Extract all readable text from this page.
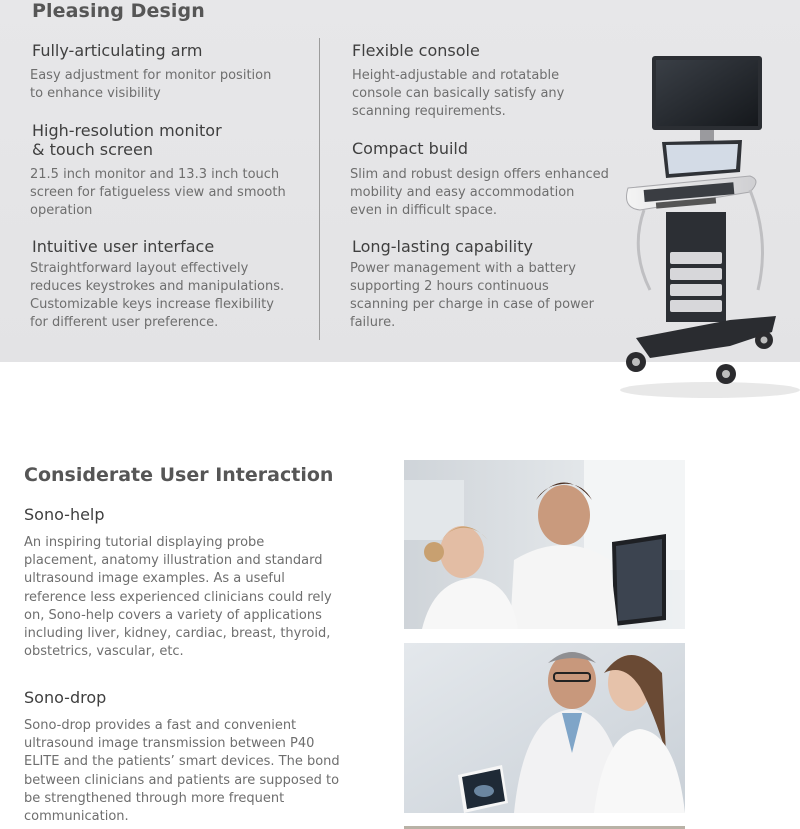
Pleasing Design
Fully-articulating arm

Easy adjustment for monitor position
to enhance visibility

High-resolution monitor
& touch screen

21.5 inch monitor and 13.3 inch touch
screen for fatigueless view and smooth
operation

Intuitive user interface

Straightforward layout effectively
reduces keystrokes and manipulations.
Customizable keys increase flexibility
for different user preference.

Flexible console

Height-adjustable and rotatable
console can basically satisfy any
scanning requirements.

Compact build

Slim and robust design offers enhanced
mobility and easy accommodation
even in difficult space.

Long-lasting capability

Power management with a battery
supporting 2 hours continuous
scanning per charge in case of power
failure.

Considerate User Interaction
Sono-help

An inspiring tutorial displaying probe
placement, anatomy illustration and standard
ultrasound image examples. As a useful
reference less experienced clinicians could rely
on, Sono-help covers a variety of applications
including liver, kidney, cardiac, breast, thyroid,
obstetrics, vascular, etc.

Sono-drop

Sono-drop provides a fast and convenient
ultrasound image transmission between P40
ELITE and the patients’ smart devices. The bond
between clinicians and patients are supposed to
be strengthened through more frequent
communication.
